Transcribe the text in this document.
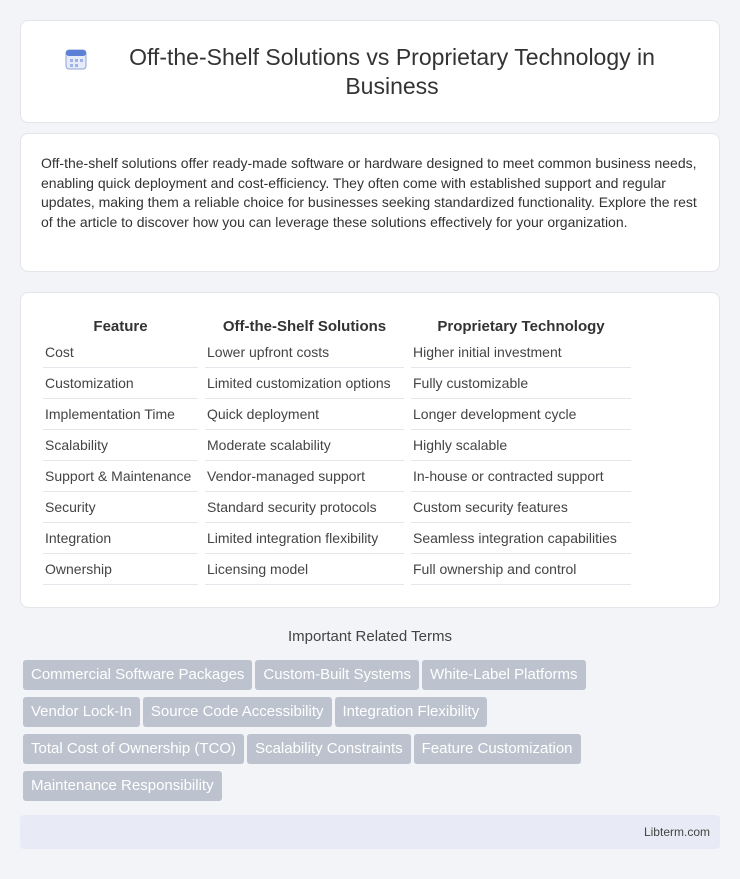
Off-the-Shelf Solutions vs Proprietary Technology in Business

Off-the-shelf solutions offer ready-made software or hardware designed to meet common business needs, enabling quick deployment and cost-efficiency. They often come with established support and regular updates, making them a reliable choice for businesses seeking standardized functionality. Explore the rest of the article to discover how you can leverage these solutions effectively for your organization.

Feature	Off-the-Shelf Solutions	Proprietary Technology
Cost	Lower upfront costs	Higher initial investment
Customization	Limited customization options	Fully customizable
Implementation Time	Quick deployment	Longer development cycle
Scalability	Moderate scalability	Highly scalable
Support & Maintenance	Vendor-managed support	In-house or contracted support
Security	Standard security protocols	Custom security features
Integration	Limited integration flexibility	Seamless integration capabilities
Ownership	Licensing model	Full ownership and control
Important Related Terms
Commercial Software Packages Custom-Built Systems White-Label Platforms
Vendor Lock-In Source Code Accessibility Integration Flexibility
Total Cost of Ownership (TCO) Scalability Constraints Feature Customization
Maintenance Responsibility
Libterm.com
